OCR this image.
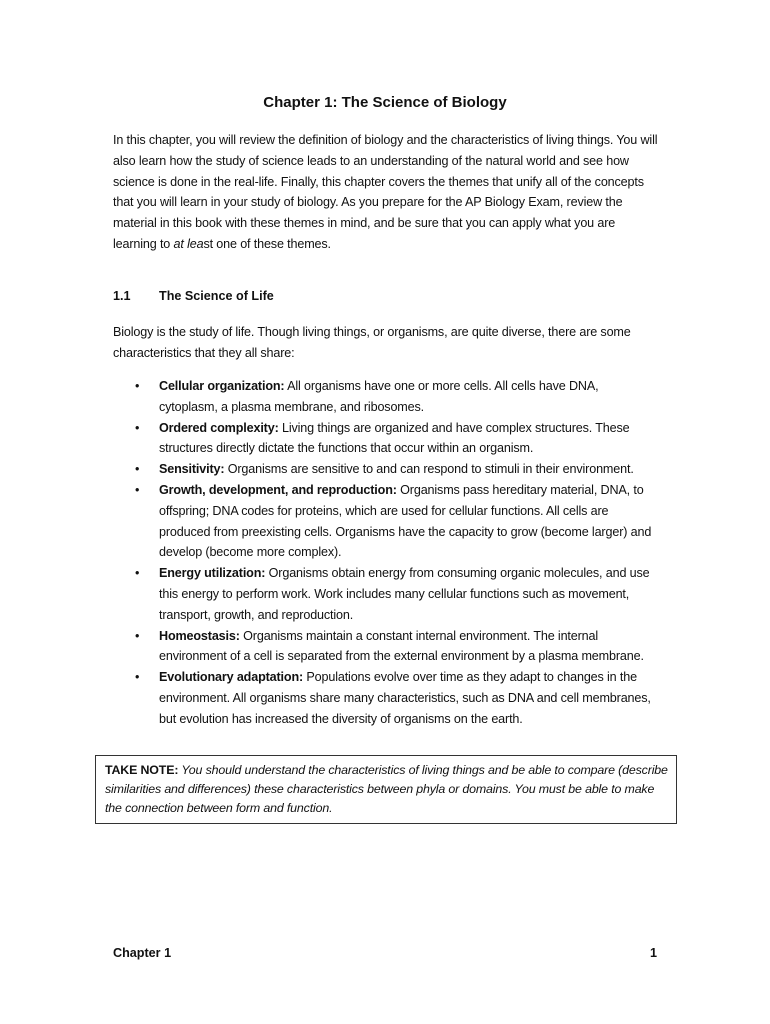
Chapter 1: The Science of Biology

In this chapter, you will review the definition of biology and the characteristics of living things. You will also learn how the study of science leads to an understanding of the natural world and see how science is done in the real-life. Finally, this chapter covers the themes that unify all of the concepts that you will learn in your study of biology. As you prepare for the AP Biology Exam, review the material in this book with these themes in mind, and be sure that you can apply what you are learning to at least one of these themes.

1.1 The Science of Life

Biology is the study of life. Though living things, or organisms, are quite diverse, there are some characteristics that they all share:

• Cellular organization: All organisms have one or more cells. All cells have DNA, cytoplasm, a plasma membrane, and ribosomes.
• Ordered complexity: Living things are organized and have complex structures. These structures directly dictate the functions that occur within an organism.
• Sensitivity: Organisms are sensitive to and can respond to stimuli in their environment.
• Growth, development, and reproduction: Organisms pass hereditary material, DNA, to offspring; DNA codes for proteins, which are used for cellular functions. All cells are produced from preexisting cells. Organisms have the capacity to grow (become larger) and develop (become more complex).
• Energy utilization: Organisms obtain energy from consuming organic molecules, and use this energy to perform work. Work includes many cellular functions such as movement, transport, growth, and reproduction.
• Homeostasis: Organisms maintain a constant internal environment. The internal environment of a cell is separated from the external environment by a plasma membrane.
• Evolutionary adaptation: Populations evolve over time as they adapt to changes in the environment. All organisms share many characteristics, such as DNA and cell membranes, but evolution has increased the diversity of organisms on the earth.
TAKE NOTE: You should understand the characteristics of living things and be able to compare (describe similarities and differences) these characteristics between phyla or domains. You must be able to make the connection between form and function.
Chapter 1	1
